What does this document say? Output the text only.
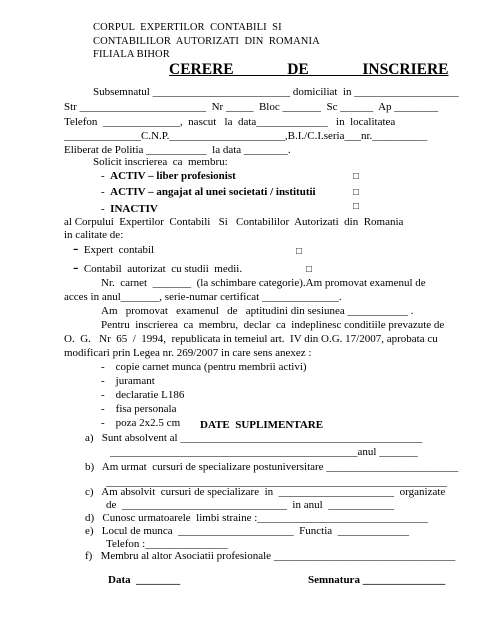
CORPUL  EXPERTILOR  CONTABILI  SI
CONTABILILOR  AUTORIZATI  DIN  ROMANIA
FILIALA BIHOR
CERERE   DE   INSCRIERE
Subsemnatul _________________________ domiciliat  in ___________________
Str _______________________  Nr _____  Bloc _______  Sc ______  Ap ________
Telefon  ______________,  nascut   la  data_____________   in  localitatea
______________C.N.P._____________________,B.I./C.I.seria___nr.__________
Eliberat de Politia ___________  la data ________.
Solicit inscrierea  ca  membru:
-  ACTIV – liber profesionist	□
-  ACTIV – angajat al unei societati / institutii	□
-  INACTIV	□
al Corpului  Expertilor  Contabili   Si   Contabililor  Autorizati  din  Romania
in calitate de:
- Expert  contabil	□
- Contabil  autorizat  cu studii  medii.	□
Nr.  carnet  _______  (la schimbare categorie).Am promovat examenul de
acces in anul_______, serie-numar certificat ______________.
Am   promovat   examenul   de   aptitudini din sesiunea ___________ .
Pentru  inscrierea  ca  membru,  declar  ca  indeplinesc conditiile prevazute de
O.  G.   Nr  65  /  1994,  republicata in temeiul art.  IV din O.G. 17/2007, aprobata cu
modificari prin Legea nr. 269/2007 in care sens anexez :
-    copie carnet munca (pentru membrii activi)
-    juramant
-    declaratie L186
-    fisa personala
-    poza 2x2.5 cm DATE  SUPLIMENTARE
a)   Sunt absolvent al ____________________________________________
_____________________________________________anul _______
b)   Am urmat  cursuri de specializare postuniversitare ________________________
______________________________________________________________
c)   Am absolvit  cursuri de specializare  in  _____________________  organizate
de  ______________________________  in anul  ____________
d)   Cunosc urmatoarele  limbi straine :_______________________________
e)   Locul de munca  _____________________  Functia  _____________
Telefon :_______________
f)   Membru al altor Asociatii profesionale _________________________________
Data  ________	Semnatura _______________
